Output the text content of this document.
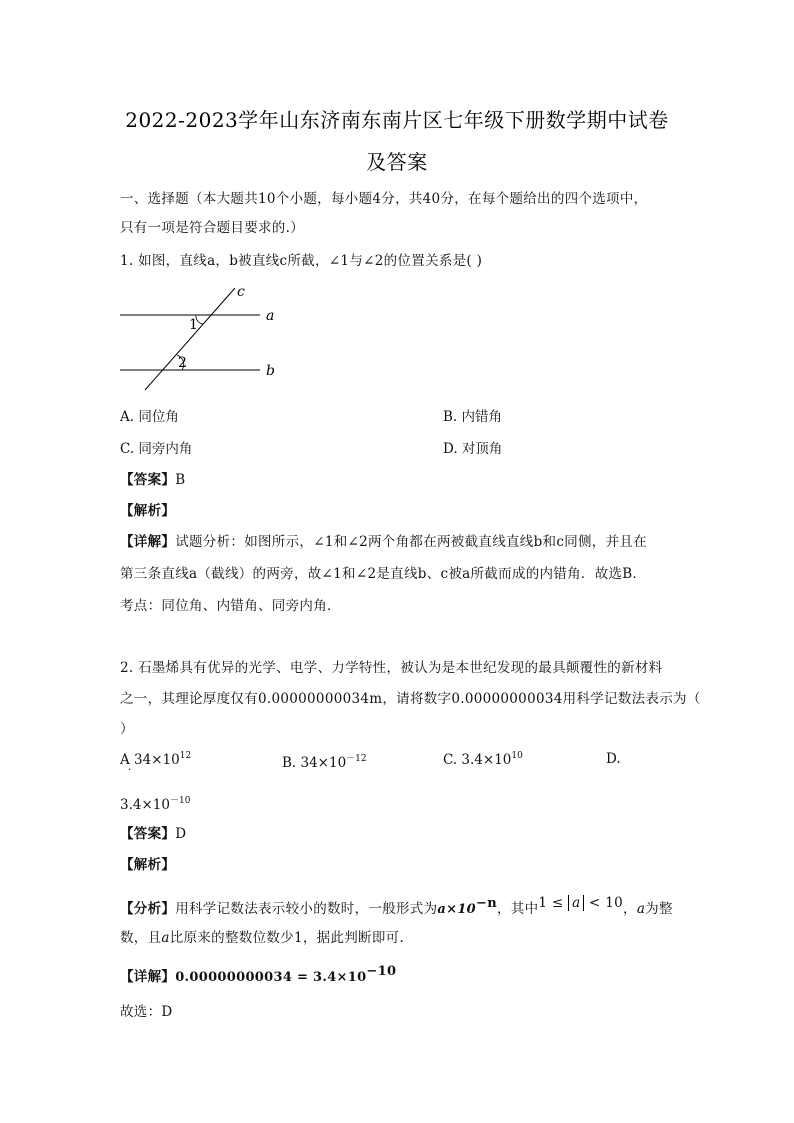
2022-2023学年山东济南东南片区七年级下册数学期中试卷
及答案
一、选择题（本大题共10个小题，每小题4分，共40分，在每个题给出的四个选项中，
只有一项是符合题目要求的.）
1. 如图，直线a，b被直线c所截，∠1与∠2的位置关系是( )
c
a
b
1
2
A. 同位角	B. 内错角
C. 同旁内角	D. 对顶角
【答案】B
【解析】
【详解】试题分析：如图所示，∠1和∠2两个角都在两被截直线直线b和c同侧，并且在
第三条直线a（截线）的两旁，故∠1和∠2是直线b、c被a所截而成的内错角．故选B．
考点：同位角、内错角、同旁内角．
2. 石墨烯具有优异的光学、电学、力学特性，被认为是本世纪发现的最具颠覆性的新材料
之一，其理论厚度仅有0.00000000034m，请将数字0.00000000034用科学记数法表示为（
）
A $34\times 10^{12}$
·	B. $34\times 10^{-12}$	C. $3.4\times 10^{10}$	D.
$3.4\times 10^{-10}$
【答案】D
【解析】
【分析】用科学记数法表示较小的数时，一般形式为$a\times 10^{-n}$，其中1 ≤ a < 10，a为整
数，且a比原来的整数位数少1，据此判断即可.
【详解】$0.00000000034 = 3.4\times 10^{-10}$
故选：D
